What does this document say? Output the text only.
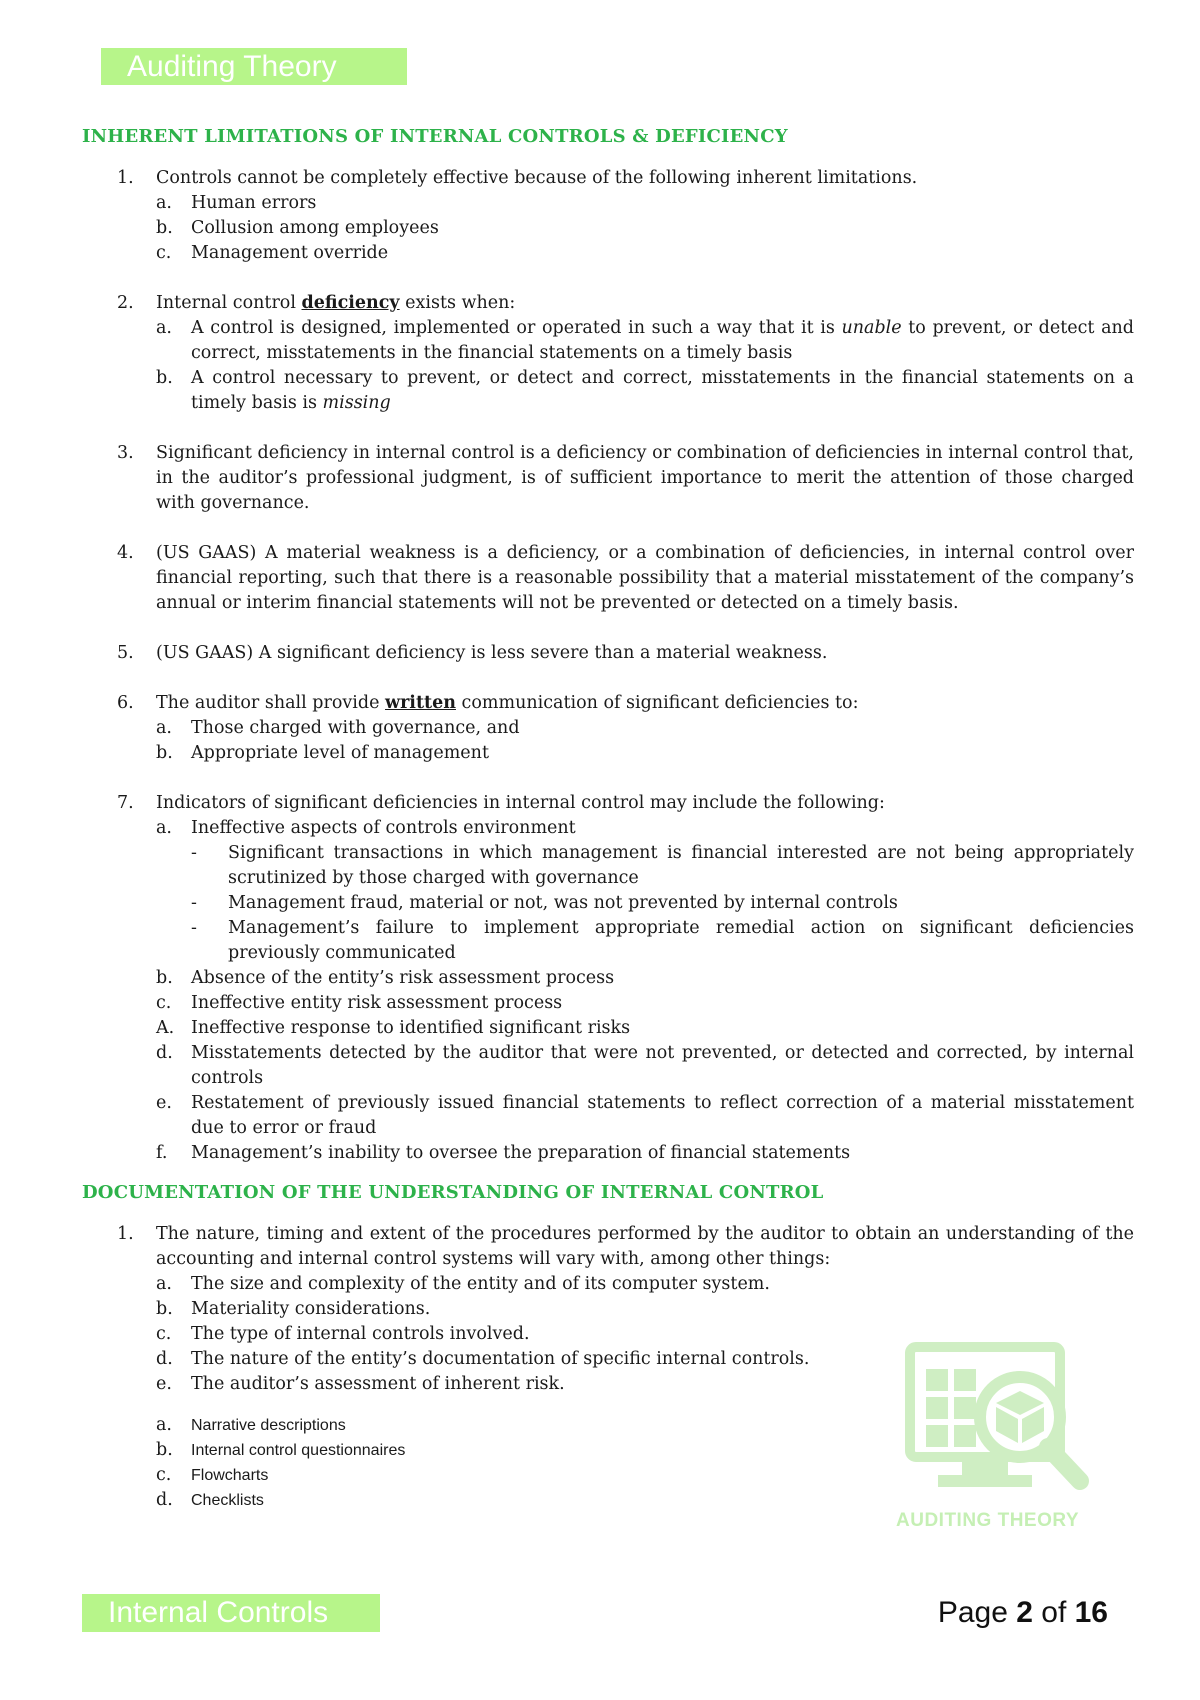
Auditing Theory
INHERENT LIMITATIONS OF INTERNAL CONTROLS & DEFICIENCY
1. Controls cannot be completely effective because of the following inherent limitations.
a. Human errors
b. Collusion among employees
c. Management override
2. Internal control deficiency exists when:
a. A control is designed, implemented or operated in such a way that it is unable to prevent, or detect and correct, misstatements in the financial statements on a timely basis
b. A control necessary to prevent, or detect and correct, misstatements in the financial statements on a timely basis is missing
3. Significant deficiency in internal control is a deficiency or combination of deficiencies in internal control that, in the auditor’s professional judgment, is of sufficient importance to merit the attention of those charged with governance.
4. (US GAAS) A material weakness is a deficiency, or a combination of deficiencies, in internal control over financial reporting, such that there is a reasonable possibility that a material misstatement of the company’s annual or interim financial statements will not be prevented or detected on a timely basis.
5. (US GAAS) A significant deficiency is less severe than a material weakness.
6. The auditor shall provide written communication of significant deficiencies to:
a. Those charged with governance, and
b. Appropriate level of management
7. Indicators of significant deficiencies in internal control may include the following:
a. Ineffective aspects of controls environment
- Significant transactions in which management is financial interested are not being appropriately scrutinized by those charged with governance
- Management fraud, material or not, was not prevented by internal controls
- Management’s failure to implement appropriate remedial action on significant deficiencies previously communicated
b. Absence of the entity’s risk assessment process
c. Ineffective entity risk assessment process
A. Ineffective response to identified significant risks
d. Misstatements detected by the auditor that were not prevented, or detected and corrected, by internal controls
e. Restatement of previously issued financial statements to reflect correction of a material misstatement due to error or fraud
f. Management’s inability to oversee the preparation of financial statements
DOCUMENTATION OF THE UNDERSTANDING OF INTERNAL CONTROL
1. The nature, timing and extent of the procedures performed by the auditor to obtain an understanding of the accounting and internal control systems will vary with, among other things:
a. The size and complexity of the entity and of its computer system.
b. Materiality considerations.
c. The type of internal controls involved.
d. The nature of the entity’s documentation of specific internal controls.
e. The auditor’s assessment of inherent risk.
a. Narrative descriptions
b. Internal control questionnaires
c. Flowcharts
d. Checklists
AUDITING THEORY
Internal Controls	Page 2 of 16
